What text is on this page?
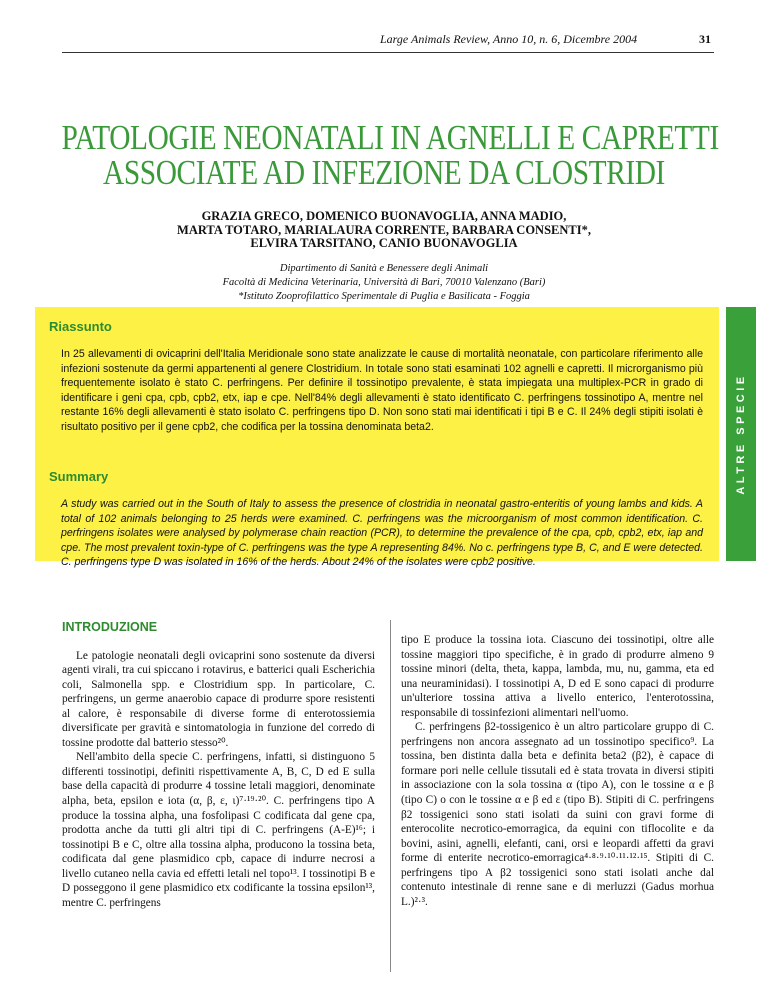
Large Animals Review, Anno 10, n. 6, Dicembre 2004	31
PATOLOGIE NEONATALI IN AGNELLI E CAPRETTI
ASSOCIATE AD INFEZIONE DA CLOSTRIDI
GRAZIA GRECO, DOMENICO BUONAVOGLIA, ANNA MADIO,
MARTA TOTARO, MARIALAURA CORRENTE, BARBARA CONSENTI*,
ELVIRA TARSITANO, CANIO BUONAVOGLIA
Dipartimento di Sanità e Benessere degli Animali
Facoltà di Medicina Veterinaria, Università di Bari, 70010 Valenzano (Bari)
*Istituto Zooprofilattico Sperimentale di Puglia e Basilicata - Foggia
Riassunto

In 25 allevamenti di ovicaprini dell'Italia Meridionale sono state analizzate le cause di mortalità neonatale, con particolare riferimento alle infezioni sostenute da germi appartenenti al genere Clostridium. In totale sono stati esaminati 102 agnelli e capretti. Il microrganismo più frequentemente isolato è stato C. perfringens. Per definire il tossinotipo prevalente, è stata impiegata una multiplex-PCR in grado di identificare i geni cpa, cpb, cpb2, etx, iap e cpe. Nell'84% degli allevamenti è stato identificato C. perfringens tossinotipo A, mentre nel restante 16% degli allevamenti è stato isolato C. perfringens tipo D. Non sono stati mai identificati i tipi B e C. Il 24% degli stipiti isolati è risultato positivo per il gene cpb2, che codifica per la tossina denominata beta2.

Summary

A study was carried out in the South of Italy to assess the presence of clostridia in neonatal gastro-enteritis of young lambs and kids. A total of 102 animals belonging to 25 herds were examined. C. perfringens was the microorganism of most common identification. C. perfringens isolates were analysed by polymerase chain reaction (PCR), to determine the prevalence of the cpa, cpb, cpb2, etx, iap and cpe. The most prevalent toxin-type of C. perfringens was the type A representing 84%. No c. perfringens type B, C, and E were detected. C. perfringens type D was isolated in 16% of the herds. About 24% of the isolates were cpb2 positive.

ALTRE SPECIE
INTRODUZIONE

Le patologie neonatali degli ovicaprini sono sostenute da diversi agenti virali, tra cui spiccano i rotavirus, e batterici quali Escherichia coli, Salmonella spp. e Clostridium spp. In particolare, C. perfringens, un germe anaerobio capace di produrre spore resistenti al calore, è responsabile di diverse forme di enterotossiemia diversificate per gravità e sintomatologia in funzione del corredo di tossine prodotte dal batterio stesso²⁰.

Nell'ambito della specie C. perfringens, infatti, si distinguono 5 differenti tossinotipi, definiti rispettivamente A, B, C, D ed E sulla base della capacità di produrre 4 tossine letali maggiori, denominate alpha, beta, epsilon e iota (α, β, ε, ι)⁷·¹⁹·²⁰. C. perfringens tipo A produce la tossina alpha, una fosfolipasi C codificata dal gene cpa, prodotta anche da tutti gli altri tipi di C. perfringens (A-E)¹⁶; i tossinotipi B e C, oltre alla tossina alpha, producono la tossina beta, codificata dal gene plasmidico cpb, capace di indurre necrosi a livello cutaneo nella cavia ed effetti letali nel topo¹³. I tossinotipi B e D posseggono il gene plasmidico etx codificante la tossina epsilon¹³, mentre C. perfringens

tipo E produce la tossina iota. Ciascuno dei tossinotipi, oltre alle tossine maggiori tipo specifiche, è in grado di produrre almeno 9 tossine minori (delta, theta, kappa, lambda, mu, nu, gamma, eta ed una neuraminidasi). I tossinotipi A, D ed E sono capaci di produrre un'ulteriore tossina attiva a livello enterico, l'enterotossina, responsabile di tossinfezioni alimentari nell'uomo.

C. perfringens β2-tossigenico è un altro particolare gruppo di C. perfringens non ancora assegnato ad un tossinotipo specifico⁹. La tossina, ben distinta dalla beta e definita beta2 (β2), è capace di formare pori nelle cellule tissutali ed è stata trovata in diversi stipiti in associazione con la sola tossina α (tipo A), con le tossine α e β (tipo C) o con le tossine α e β ed ε (tipo B). Stipiti di C. perfringens β2 tossigenici sono stati isolati da suini con gravi forme di enterocolite necrotico-emorragica, da equini con tiflocolite e da bovini, asini, agnelli, elefanti, cani, orsi e leopardi affetti da gravi forme di enterite necrotico-emorragica⁴·⁸·⁹·¹⁰·¹¹·¹²·¹⁵. Stipiti di C. perfringens tipo A β2 tossigenici sono stati isolati anche dal contenuto intestinale di renne sane e di merluzzi (Gadus morhua L.)²·³.
